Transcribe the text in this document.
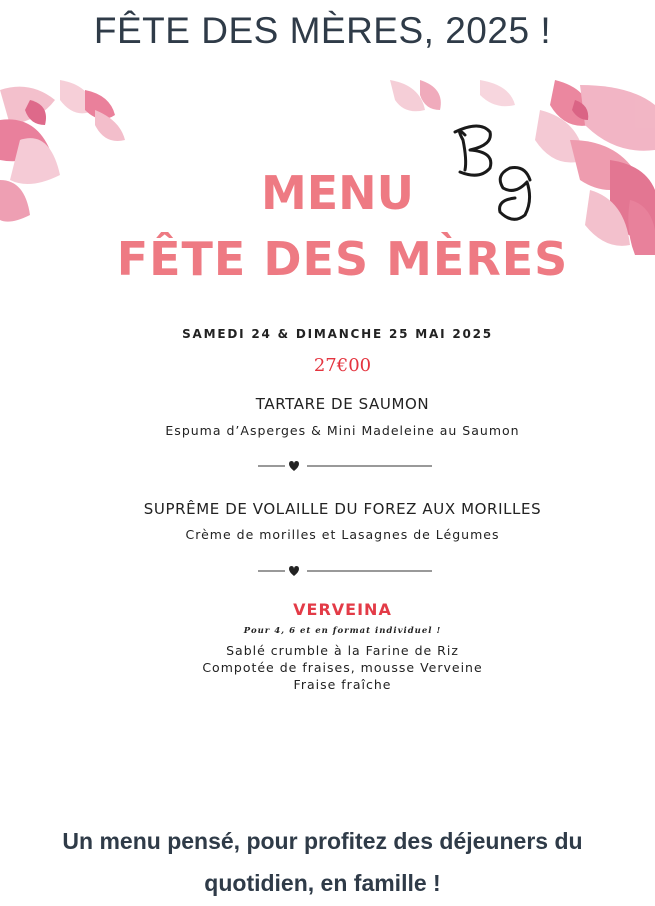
FÊTE DES MÈRES, 2025 !
MENU
FÊTE DES MÈRES
SAMEDI 24 & DIMANCHE 25 MAI 2025
27€00
TARTARE DE SAUMON
Espuma d’Asperges & Mini Madeleine au Saumon
SUPRÊME DE VOLAILLE DU FOREZ AUX MORILLES
Crème de morilles et Lasagnes de Légumes
VERVEINA
Pour 4, 6 et en format individuel !
Sablé crumble à la Farine de Riz
Compotée de fraises, mousse Verveine
Fraise fraîche
Un menu pensé, pour profitez des déjeuners du
quotidien, en famille !
